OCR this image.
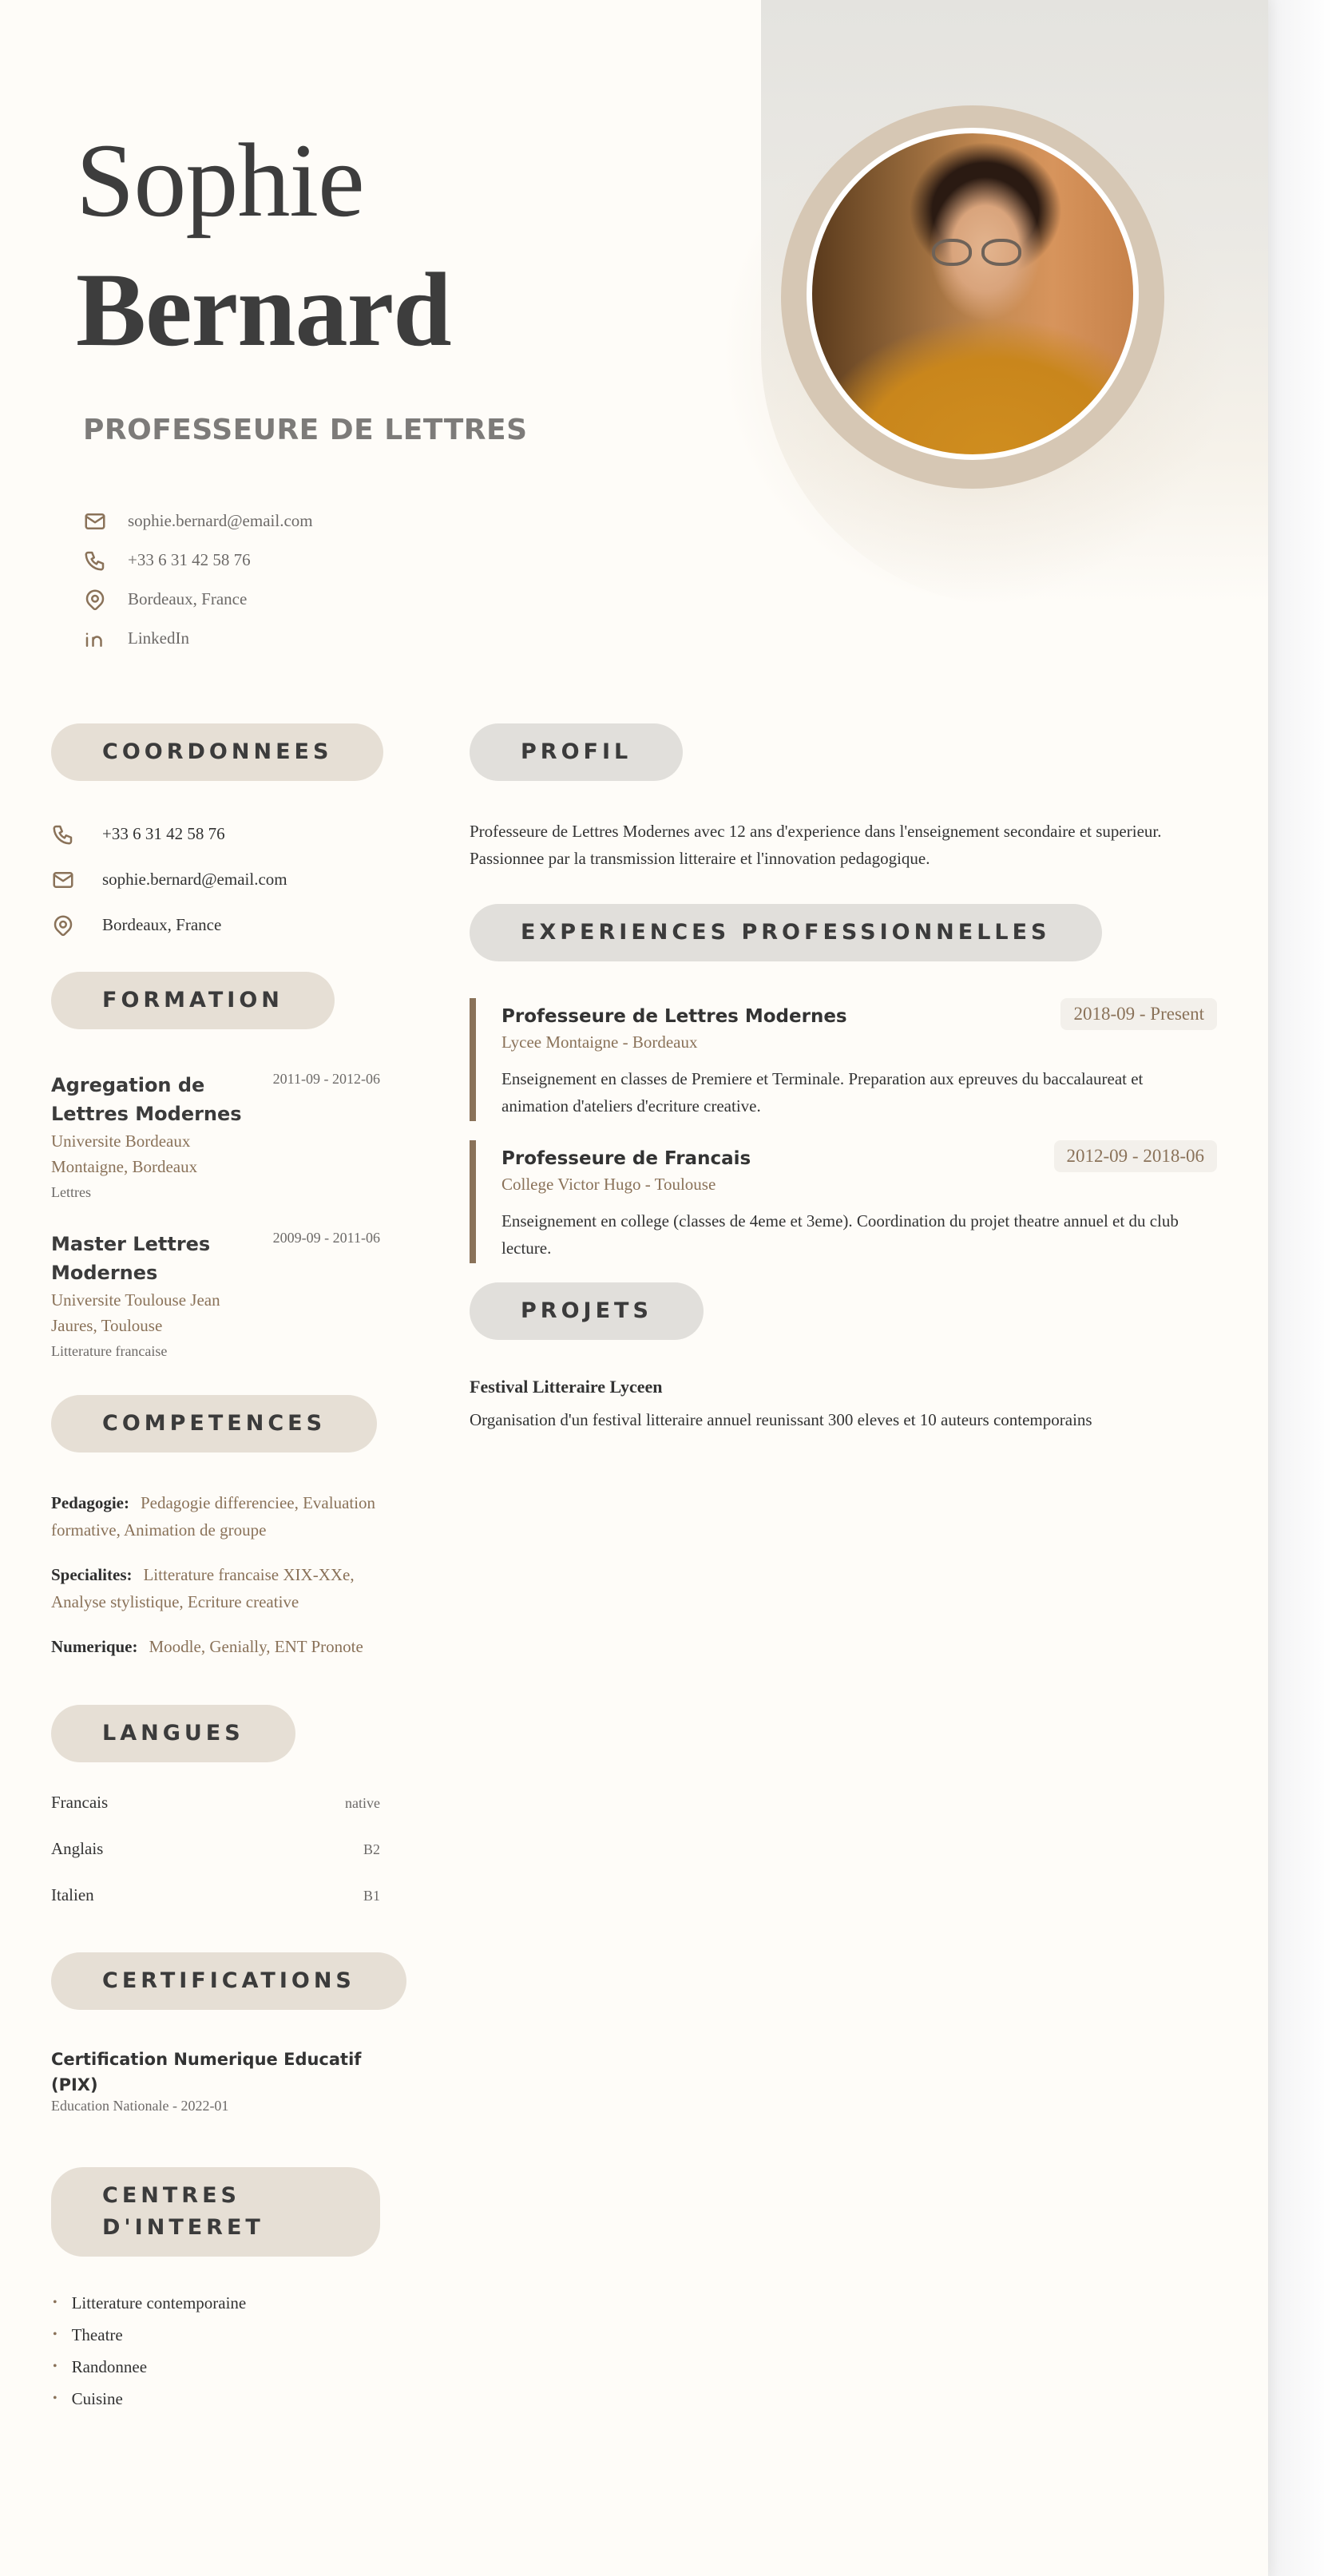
Sophie
Bernard
PROFESSEURE DE LETTRES
sophie.bernard@email.com
+33 6 31 42 58 76
Bordeaux, France
LinkedIn
COORDONNEES
+33 6 31 42 58 76
sophie.bernard@email.com
Bordeaux, France
FORMATION
Agregation de Lettres Modernes
2011-09 - 2012-06
Universite Bordeaux Montaigne, Bordeaux
Lettres
Master Lettres Modernes
2009-09 - 2011-06
Universite Toulouse Jean Jaures, Toulouse
Litterature francaise
COMPETENCES
Pedagogie: Pedagogie differenciee, Evaluation formative, Animation de groupe
Specialites: Litterature francaise XIX-XXe, Analyse stylistique, Ecriture creative
Numerique: Moodle, Genially, ENT Pronote
LANGUES
Francais	native
Anglais	B2
Italien	B1
CERTIFICATIONS
Certification Numerique Educatif (PIX)
Education Nationale - 2022-01
CENTRES D'INTERET
• Litterature contemporaine
• Theatre
• Randonnee
• Cuisine
PROFIL

Professeure de Lettres Modernes avec 12 ans d'experience dans l'enseignement secondaire et superieur. Passionnee par la transmission litteraire et l'innovation pedagogique.

EXPERIENCES PROFESSIONNELLES
Professeure de Lettres Modernes
Lycee Montaigne - Bordeaux
2018-09 - Present
Enseignement en classes de Premiere et Terminale. Preparation aux epreuves du baccalaureat et animation d'ateliers d'ecriture creative.
Professeure de Francais
College Victor Hugo - Toulouse
2012-09 - 2018-06
Enseignement en college (classes de 4eme et 3eme). Coordination du projet theatre annuel et du club lecture.
PROJETS
Festival Litteraire Lyceen
Organisation d'un festival litteraire annuel reunissant 300 eleves et 10 auteurs contemporains
